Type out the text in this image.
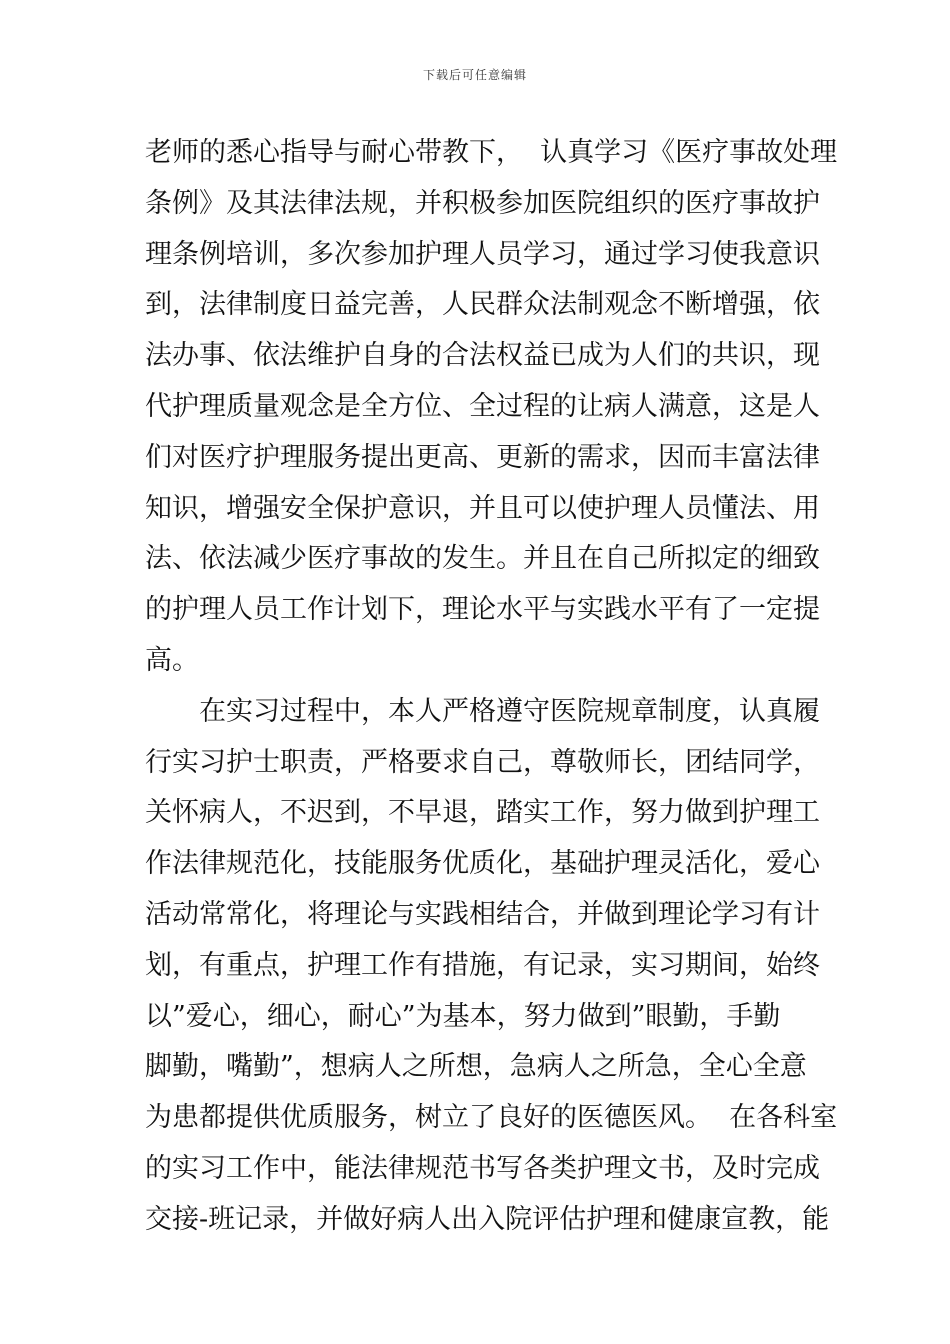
下载后可任意编辑
老师的悉心指导与耐心带教下，  认真学习《医疗事故处理
条例》及其法律法规，并积极参加医院组织的医疗事故护
理条例培训，多次参加护理人员学习，通过学习使我意识
到，法律制度日益完善，人民群众法制观念不断增强，依
法办事、依法维护自身的合法权益已成为人们的共识，现
代护理质量观念是全方位、全过程的让病人满意，这是人
们对医疗护理服务提出更高、更新的需求，因而丰富法律
知识，增强安全保护意识，并且可以使护理人员懂法、用
法、依法减少医疗事故的发生。并且在自己所拟定的细致
的护理人员工作计划下，理论水平与实践水平有了一定提
高。
在实习过程中，本人严格遵守医院规章制度，认真履
行实习护士职责，严格要求自己，尊敬师长，团结同学，
关怀病人，不迟到，不早退，踏实工作，努力做到护理工
作法律规范化，技能服务优质化，基础护理灵活化，爱心
活动常常化，将理论与实践相结合，并做到理论学习有计
划，有重点，护理工作有措施，有记录，实习期间，始终
以”爱心，细心，耐心”为基本，努力做到”眼勤，手勤
脚勤，嘴勤”，想病人之所想，急病人之所急，全心全意
为患都提供优质服务，树立了良好的医德医风。  在各科室
的实习工作中，能法律规范书写各类护理文书，及时完成
交接-班记录，并做好病人出入院评估护理和健康宣教，能
